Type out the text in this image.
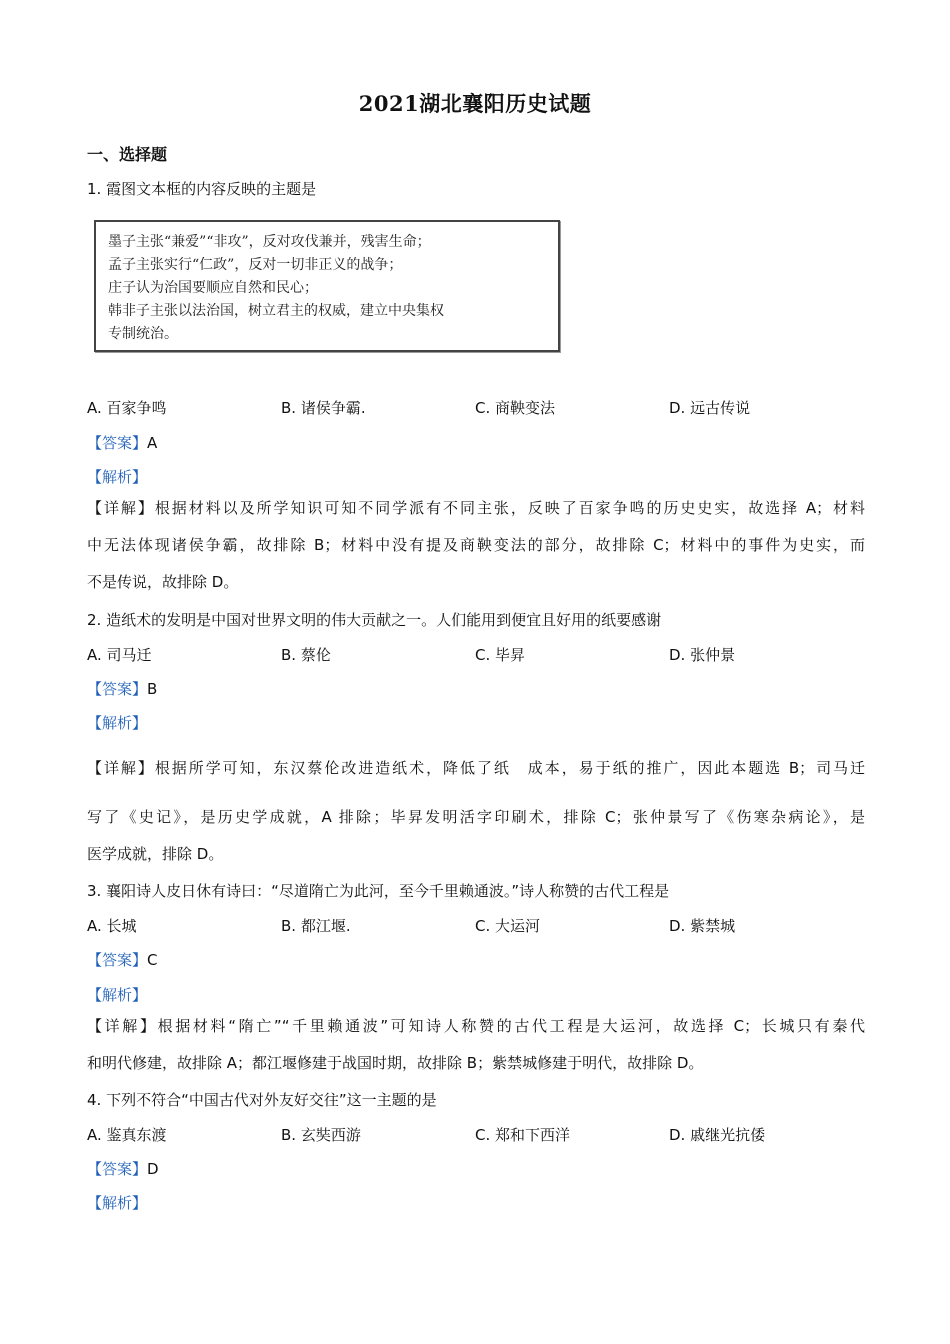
2021湖北襄阳历史试题
一、选择题
1. 霞图文本框的内容反映的主题是
墨子主张“兼爱”“非攻”，反对攻伐兼并，残害生命；
孟子主张实行“仁政”，反对一切非正义的战争；
庄子认为治国要顺应自然和民心；
韩非子主张以法治国，树立君主的权威，建立中央集权
专制统治。
A. 百家争鸣	B. 诸侯争霸.	C. 商鞅变法	D. 远古传说
【答案】A
【解析】
【详解】根据材料以及所学知识可知不同学派有不同主张，反映了百家争鸣的历史史实，故选择 A；材料
中无法体现诸侯争霸，故排除 B；材料中没有提及商鞅变法的部分，故排除 C；材料中的事件为史实，而
不是传说，故排除 D。
2. 造纸术的发明是中国对世界文明的伟大贡献之一。人们能用到便宜且好用的纸要感谢
A. 司马迁	B. 蔡伦	C. 毕昇	D. 张仲景
【答案】B
【解析】
【详解】根据所学可知，东汉蔡伦改进造纸术，降低了纸　成本，易于纸的推广，因此本题选 B；司马迁
写了《史记》，是历史学成就，A 排除；毕昇发明活字印刷术，排除 C；张仲景写了《伤寒杂病论》，是
医学成就，排除 D。
3. 襄阳诗人皮日休有诗曰：“尽道隋亡为此河，至今千里赖通波。”诗人称赞的古代工程是
A. 长城	B. 都江堰.	C. 大运河	D. 紫禁城
【答案】C
【解析】
【详解】根据材料“隋亡”“千里赖通波”可知诗人称赞的古代工程是大运河，故选择 C；长城只有秦代
和明代修建，故排除 A；都江堰修建于战国时期，故排除 B；紫禁城修建于明代，故排除 D。
4. 下列不符合“中国古代对外友好交往”这一主题的是
A. 鉴真东渡	B. 玄奘西游	C. 郑和下西洋	D. 戚继光抗倭
【答案】D
【解析】
